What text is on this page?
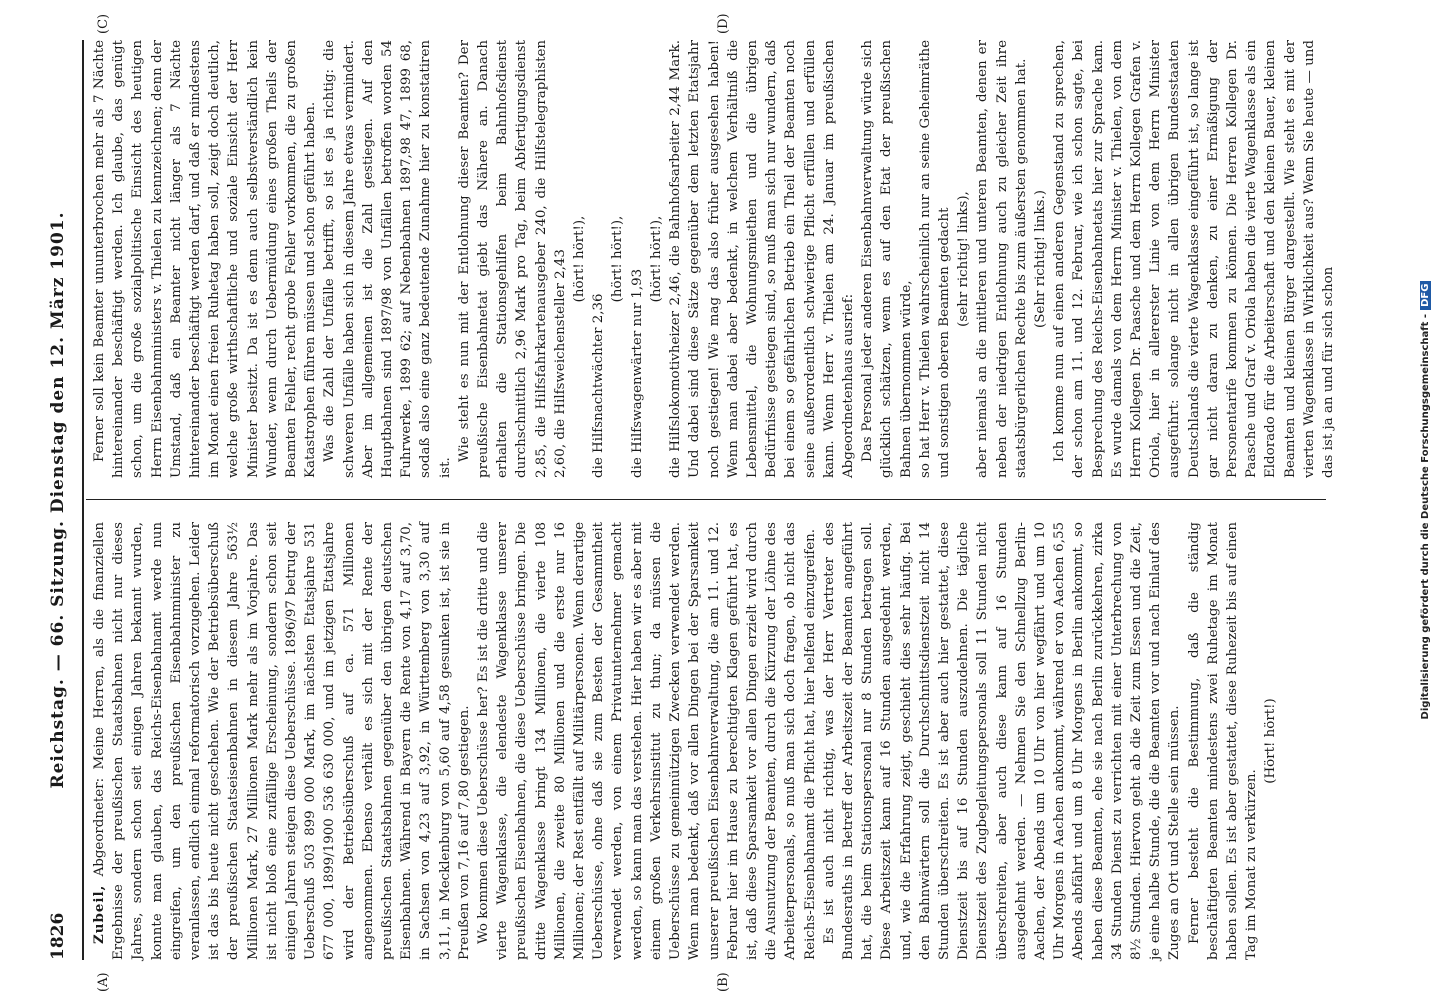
1826
Reichstag. — 66. Sitzung. Dienstag den 12. März 1901.

Zubeil, Abgeordneter: Meine Herren, als die finanziellen Ergebnisse der preußischen Staatsbahnen nicht nur dieses Jahres, sondern schon seit einigen Jahren bekannt wurden, konnte man glauben, das Reichs-Eisenbahnamt werde nun eingreifen, um den preußischen Eisenbahnminister zu veranlassen, endlich einmal reformatorisch vorzugehen. Leider ist das bis heute nicht geschehen. Wie der Betriebsüberschuß der preußischen Staatseisenbahnen in diesem Jahre 563½ Millionen Mark, 27 Millionen Mark mehr als im Vorjahre. Das ist nicht bloß eine zufällige Erscheinung, sondern schon seit einigen Jahren steigen diese Ueberschüsse. 1896/97 betrug der Ueberschuß 503 899 000 Mark, im nächsten Etatsjahre 531 677 000, 1899/1900 536 630 000, und im jetzigen Etatsjahre wird der Betriebsüberschuß auf ca. 571 Millionen angenommen. Ebenso verhält es sich mit der Rente der preußischen Staatsbahnen gegenüber den übrigen deutschen Eisenbahnen. Während in Bayern die Rente von 4,17 auf 3,70, in Sachsen von 4,23 auf 3,92, in Württemberg von 3,30 auf 3,11, in Mecklenburg von 5,60 auf 4,58 gesunken ist, ist sie in Preußen von 7,16 auf 7,80 gestiegen. Wo kommen diese Ueberschüsse her? Es ist die dritte und die vierte Wagenklasse, die elendeste Wagenklasse unserer preußischen Eisenbahnen, die diese Ueberschüsse bringen. Die dritte Wagenklasse bringt 134 Millionen, die vierte 108 Millionen, die zweite 80 Millionen und die erste nur 16 Millionen; der Rest entfällt auf Militärpersonen. Wenn derartige Ueberschüsse, ohne daß sie zum Besten der Gesammtheit verwendet werden, von einem Privatunternehmer gemacht werden, so kann man das verstehen. Hier haben wir es aber mit einem großen Verkehrsinstitut zu thun; da müssen die Ueberschüsse zu gemeinnützigen Zwecken verwendet werden. Wenn man bedenkt, daß vor allen Dingen bei der Sparsamkeit unserer preußischen Eisenbahnverwaltung, die am 11. und 12. Februar hier im Hause zu berechtigten Klagen geführt hat, es ist, daß diese Sparsamkeit vor allen Dingen erzielt wird durch die Ausnutzung der Beamten, durch die Kürzung der Löhne des Arbeiterpersonals, so muß man sich doch fragen, ob nicht das Reichs-Eisenbahnamt die Pflicht hat, hier helfend einzugreifen. Es ist auch nicht richtig, was der Herr Vertreter des Bundesraths in Betreff der Arbeitszeit der Beamten angeführt hat, die beim Stationspersonal nur 8 Stunden betragen soll. Diese Arbeitszeit kann auf 16 Stunden ausgedehnt werden, und, wie die Erfahrung zeigt, geschieht dies sehr häufig. Bei den Bahnwärtern soll die Durchschnittsdienstzeit nicht 14 Stunden überschreiten. Es ist aber auch hier gestattet, diese Dienstzeit bis auf 16 Stunden auszudehnen. Die tägliche Dienstzeit des Zugbegleitungspersonals soll 11 Stunden nicht überschreiten, aber auch diese kann auf 16 Stunden ausgedehnt werden. — Nehmen Sie den Schnellzug Berlin-Aachen, der Abends um 10 Uhr von hier wegfährt und um 10 Uhr Morgens in Aachen ankommt, während er von Aachen 6,55 Abends abfährt und um 8 Uhr Morgens in Berlin ankommt, so haben diese Beamten, ehe sie nach Berlin zurückkehren, zirka 34 Stunden Dienst zu verrichten mit einer Unterbrechung von 8½ Stunden. Hiervon geht ab die Zeit zum Essen und die Zeit, je eine halbe Stunde, die die Beamten vor und nach Einlauf des Zuges an Ort und Stelle sein müssen. Ferner besteht die Bestimmung, daß die ständig beschäftigten Beamten mindestens zwei Ruhetage im Monat haben sollen. Es ist aber gestattet, diese Ruhezeit bis auf einen Tag im Monat zu verkürzen.

(Hört! hört!)

Ferner soll kein Beamter ununterbrochen mehr als 7 Nächte hintereinander beschäftigt werden. Ich glaube, das genügt schon, um die große sozialpolitische Einsicht des heutigen Herrn Eisenbahnministers v. Thielen zu kennzeichnen; denn der Umstand, daß ein Beamter nicht länger als 7 Nächte hintereinander beschäftigt werden darf, und daß er mindestens im Monat einen freien Ruhetag haben soll, zeigt doch deutlich, welche große wirthschaftliche und soziale Einsicht der Herr Minister besitzt. Da ist es denn auch selbstverständlich kein Wunder, wenn durch Uebermüdung eines großen Theils der Beamten Fehler, recht grobe Fehler vorkommen, die zu großen Katastrophen führen müssen und schon geführt haben. Was die Zahl der Unfälle betrifft, so ist es ja richtig: die schweren Unfälle haben sich in diesem Jahre etwas vermindert. Aber im allgemeinen ist die Zahl gestiegen. Auf den Hauptbahnen sind 1897/98 von Unfällen betroffen worden 54 Fuhrwerke, 1899 62; auf Nebenbahnen 1897,98 47, 1899 68, sodaß also eine ganz bedeutende Zunahme hier zu konstatiren ist.

Wie steht es nun mit der Entlohnung dieser Beamten? Der preußische Eisenbahnetat giebt das Nähere an. Danach erhalten die Stationsgehilfen beim Bahnhofsdienst durchschnittlich 2,96 Mark pro Tag, beim Abfertigungsdienst 2,85, die Hilfsfahrkartenausgeber 240, die Hilfstelegraphisten 2,60, die Hilfsweichensteller 2,43 (hört! hört!),

die Hilfsnachtwächter 2,36

(hört! hört!),

die Hilfswagenwärter nur 1,93

(hört! hört!), die Hilfslokomotivheizer 2,46, die Bahnhofsarbeiter 2,44 Mark. Und dabei sind diese Sätze gegenüber dem letzten Etatsjahr noch gestiegen! Wie mag das also früher ausgesehen haben! Wenn man dabei aber bedenkt, in welchem Verhältniß die Lebensmittel, die Wohnungsmiethen und die übrigen Bedürfnisse gestiegen sind, so muß man sich nur wundern, daß bei einem so gefährlichen Betrieb ein Theil der Beamten noch seine außerordentlich schwierige Pflicht erfüllen und erfüllen kann. Wenn Herr v. Thielen am 24. Januar im preußischen Abgeordnetenhaus ausrief: Das Personal jeder anderen Eisenbahnverwaltung würde sich glücklich schätzen, wenn es auf den Etat der preußischen Bahnen übernommen würde, so hat Herr v. Thielen wahrscheinlich nur an seine Geheimräthe und sonstigen oberen Beamten gedacht (sehr richtig! links), aber niemals an die mittleren und unteren Beamten, denen er neben der niedrigen Entlohnung auch zu gleicher Zeit ihre staatsbürgerlichen Rechte bis zum äußersten genommen hat. (Sehr richtig! links.) Ich komme nun auf einen anderen Gegenstand zu sprechen, der schon am 11. und 12. Februar, wie ich schon sagte, bei Besprechung des Reichs-Eisenbahnetats hier zur Sprache kam. Es wurde damals von dem Herrn Minister v. Thielen, von dem Herrn Kollegen Dr. Paasche und dem Herrn Kollegen Grafen v. Oriola, hier in allererster Linie von dem Herrn Minister ausgeführt: solange nicht in allen übrigen Bundesstaaten Deutschlands die vierte Wagenklasse eingeführt ist, so lange ist gar nicht daran zu denken, zu einer Ermäßigung der Personentarife kommen zu können. Die Herren Kollegen Dr. Paasche und Graf v. Oriola haben die vierte Wagenklasse als ein Eldorado für die Arbeiterschaft und den kleinen Bauer, kleinen Beamten und kleinen Bürger dargestellt. Wie steht es mit der vierten Wagenklasse in Wirklichkeit aus? Wenn Sie heute — und das ist ja an und für sich schon

(A)	(B)
(C)	(D)
Digitalisierung gefördert durch die Deutsche Forschungsgemeinschaft -DFG
